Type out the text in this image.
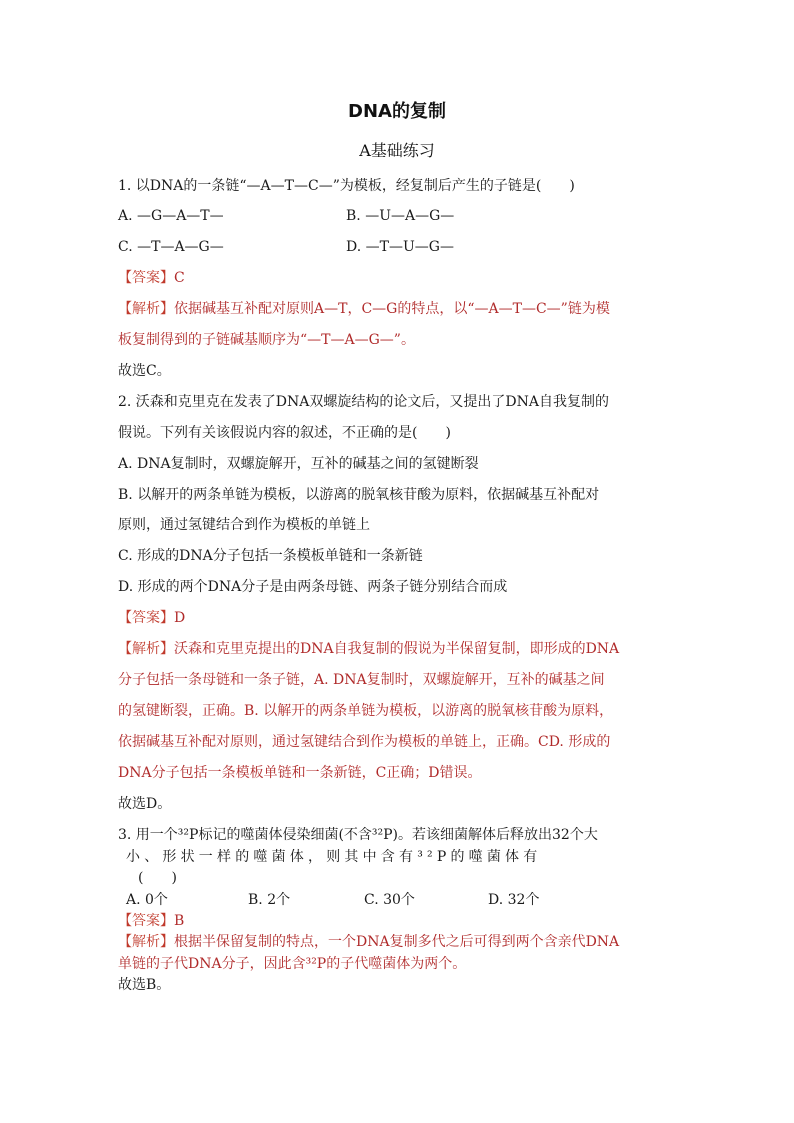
DNA的复制
A基础练习
1. 以DNA的一条链“—A—T—C—”为模板，经复制后产生的子链是(　　)
A. —G—A—T—	B. —U—A—G—
C. —T—A—G—	D. —T—U—G—
【答案】C
【解析】依据碱基互补配对原则A—T，C—G的特点，以“—A—T—C—”链为模
板复制得到的子链碱基顺序为“—T—A—G—”。
故选C。
2. 沃森和克里克在发表了DNA双螺旋结构的论文后，又提出了DNA自我复制的
假说。下列有关该假说内容的叙述，不正确的是(　　)
A. DNA复制时，双螺旋解开，互补的碱基之间的氢键断裂
B. 以解开的两条单链为模板，以游离的脱氧核苷酸为原料，依据碱基互补配对
原则，通过氢键结合到作为模板的单链上
C. 形成的DNA分子包括一条模板单链和一条新链
D. 形成的两个DNA分子是由两条母链、两条子链分别结合而成
【答案】D
【解析】沃森和克里克提出的DNA自我复制的假说为半保留复制，即形成的DNA
分子包括一条母链和一条子链，A. DNA复制时，双螺旋解开，互补的碱基之间
的氢键断裂，正确。B. 以解开的两条单链为模板，以游离的脱氧核苷酸为原料，
依据碱基互补配对原则，通过氢键结合到作为模板的单链上，正确。CD. 形成的
DNA分子包括一条模板单链和一条新链，C正确；D错误。
故选D。
3. 用一个³²P标记的噬菌体侵染细菌(不含³²P)。若该细菌解体后释放出32个大
小、形状一样的噬菌体，则其中含有³²P的噬菌体有
(　　)
A. 0个	B. 2个	C. 30个	D. 32个
【答案】B
【解析】根据半保留复制的特点，一个DNA复制多代之后可得到两个含亲代DNA
单链的子代DNA分子，因此含³²P的子代噬菌体为两个。
故选B。
